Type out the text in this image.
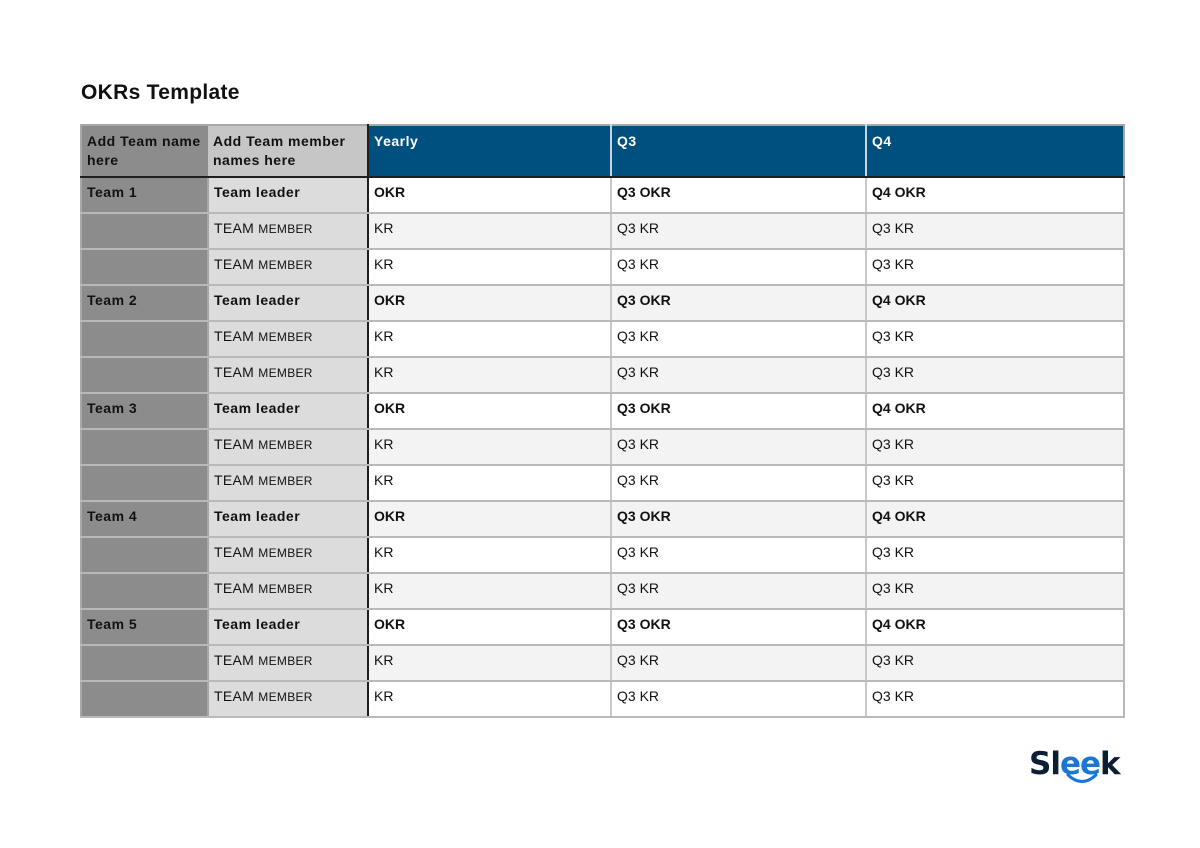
OKRs Template
Add Team name here	Add Team member names here	Yearly	Q3	Q4
Team 1	Team leader	OKR	Q3 OKR	Q4 OKR
	TEAM MEMBER	KR	Q3 KR	Q3 KR
	TEAM MEMBER	KR	Q3 KR	Q3 KR
Team 2	Team leader	OKR	Q3 OKR	Q4 OKR
	TEAM MEMBER	KR	Q3 KR	Q3 KR
	TEAM MEMBER	KR	Q3 KR	Q3 KR
Team 3	Team leader	OKR	Q3 OKR	Q4 OKR
	TEAM MEMBER	KR	Q3 KR	Q3 KR
	TEAM MEMBER	KR	Q3 KR	Q3 KR
Team 4	Team leader	OKR	Q3 OKR	Q4 OKR
	TEAM MEMBER	KR	Q3 KR	Q3 KR
	TEAM MEMBER	KR	Q3 KR	Q3 KR
Team 5	Team leader	OKR	Q3 OKR	Q4 OKR
	TEAM MEMBER	KR	Q3 KR	Q3 KR
	TEAM MEMBER	KR	Q3 KR	Q3 KR
Sleek
